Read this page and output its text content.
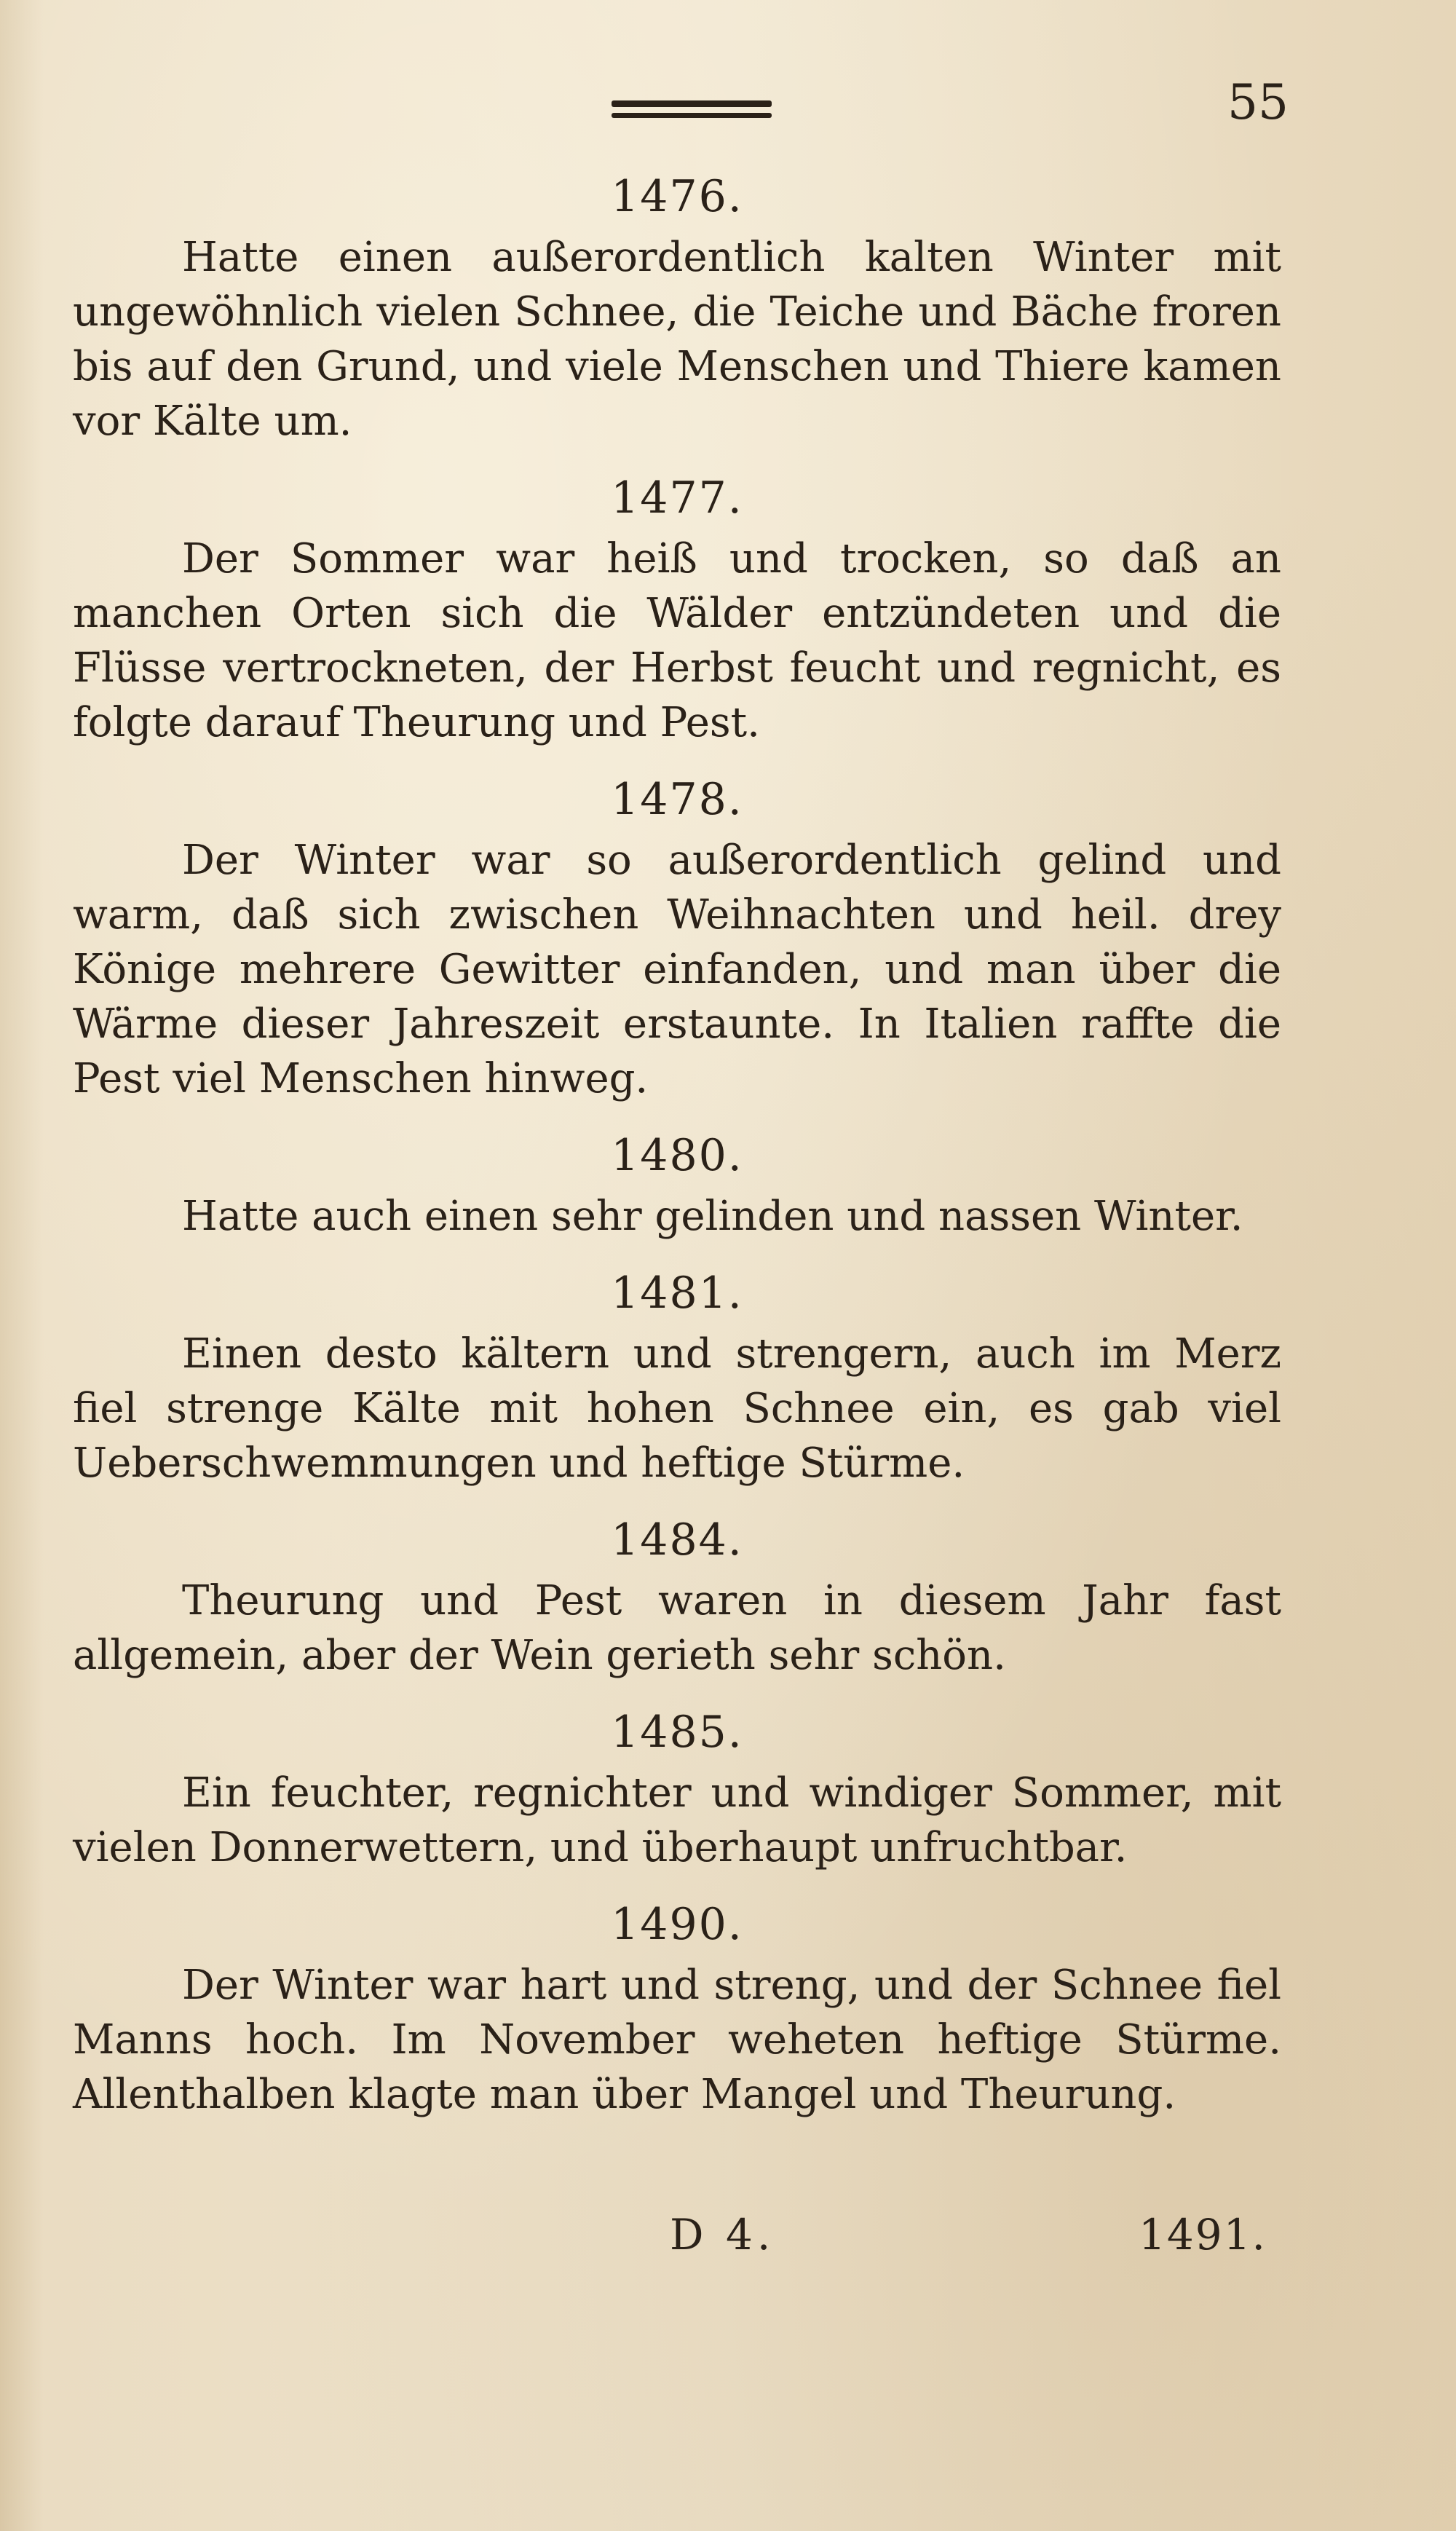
55
1476.

Hatte einen außerordentlich kalten Winter mit ungewöhnlich vielen Schnee, die Teiche und Bäche froren bis auf den Grund, und viele Menschen und Thiere kamen vor Kälte um.

1477.

Der Sommer war heiß und trocken, so daß an manchen Orten sich die Wälder entzündeten und die Flüsse vertrockneten, der Herbst feucht und regnicht, es folgte darauf Theurung und Pest.

1478.

Der Winter war so außerordentlich gelind und warm, daß sich zwischen Weihnachten und heil. drey Könige mehrere Gewitter einfanden, und man über die Wärme dieser Jahreszeit erstaunte. In Italien raffte die Pest viel Menschen hinweg.

1480.

Hatte auch einen sehr gelinden und nassen Winter.

1481.

Einen desto kältern und strengern, auch im Merz fiel strenge Kälte mit hohen Schnee ein, es gab viel Ueberschwemmungen und heftige Stürme.

1484.

Theurung und Pest waren in diesem Jahr fast allgemein, aber der Wein gerieth sehr schön.

1485.

Ein feuchter, regnichter und windiger Sommer, mit vielen Donnerwettern, und überhaupt unfruchtbar.

1490.

Der Winter war hart und streng, und der Schnee fiel Manns hoch. Im November weheten heftige Stürme. Allenthalben klagte man über Mangel und Theurung.

D 4.	1491.
